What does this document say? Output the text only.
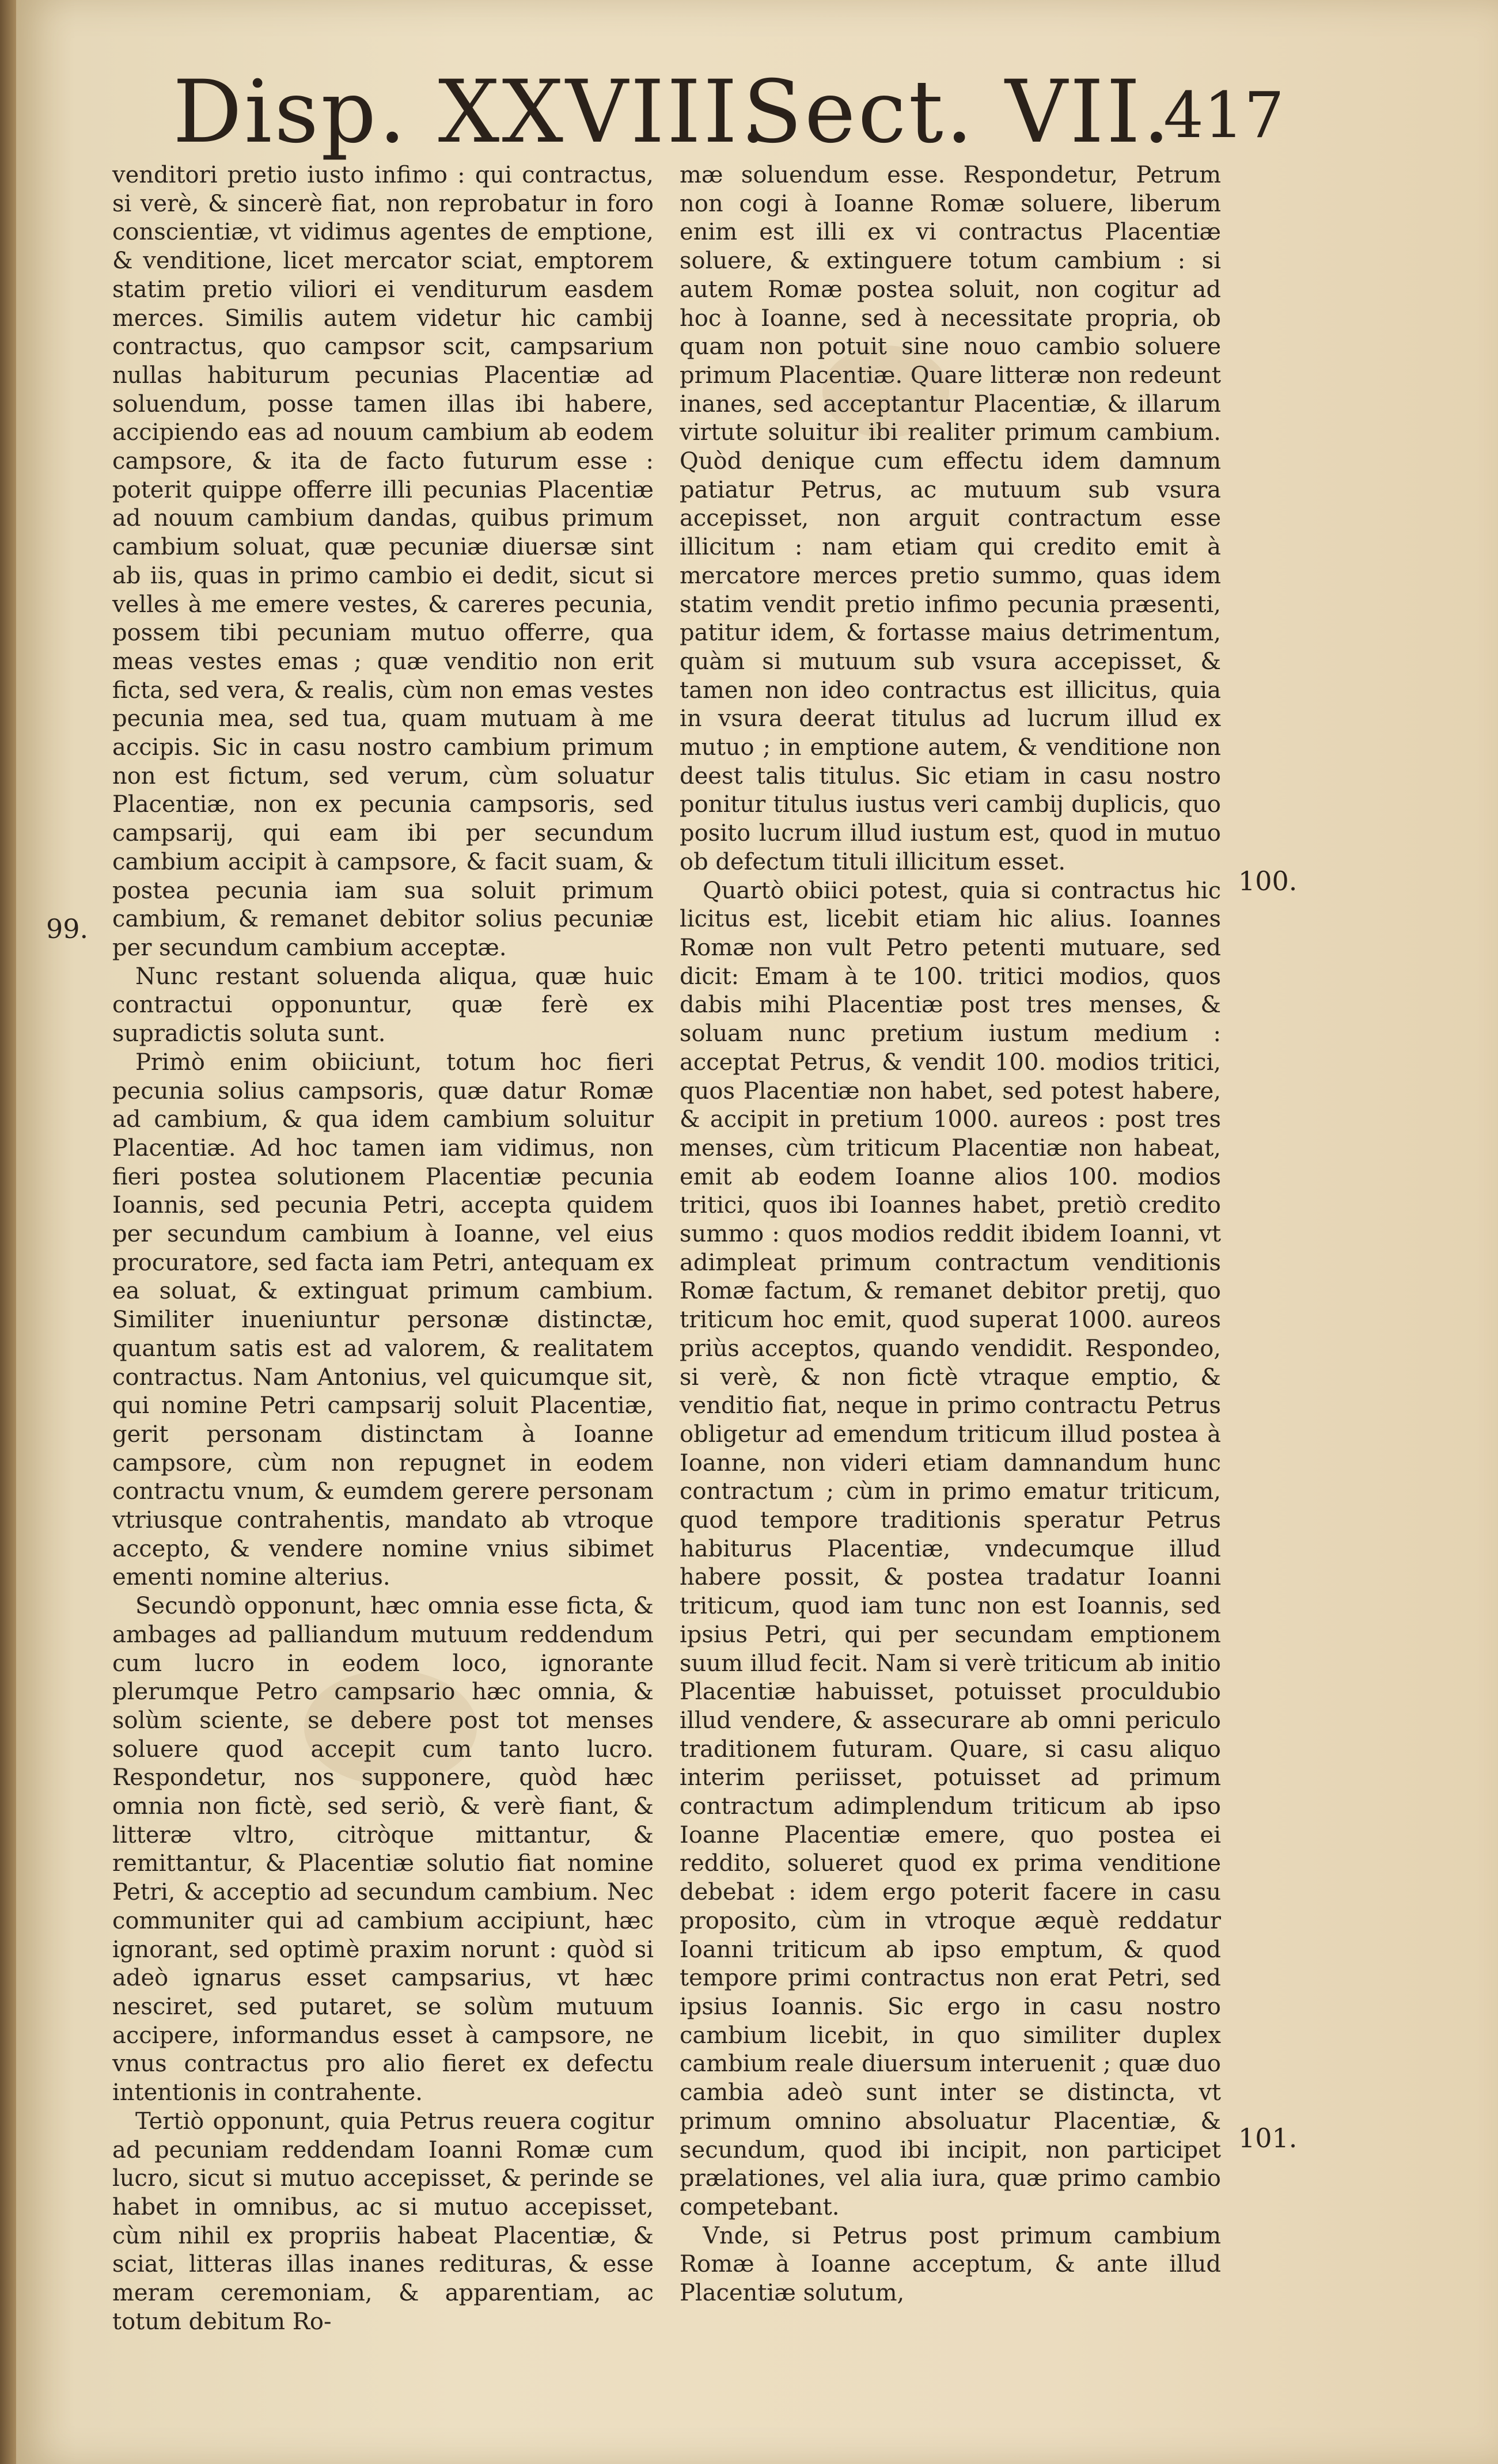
Disp. XXVIII.
Sect. VII.
417

venditori pretio iusto infimo : qui contractus, si verè, & sincerè fiat, non reprobatur in foro conscientiæ, vt vidimus agentes de emptione, & venditione, licet mercator sciat, emptorem statim pretio viliori ei venditurum easdem merces. Similis autem videtur hic cambij contractus, quo campsor scit, campsarium nullas habiturum pecunias Placentiæ ad soluendum, posse tamen illas ibi habere, accipiendo eas ad nouum cambium ab eodem campsore, & ita de facto futurum esse : poterit quippe offerre illi pecunias Placentiæ ad nouum cambium dandas, quibus primum cambium soluat, quæ pecuniæ diuersæ sint ab iis, quas in primo cambio ei dedit, sicut si velles à me emere vestes, & careres pecunia, possem tibi pecuniam mutuo offerre, qua meas vestes emas ; quæ venditio non erit ficta, sed vera, & realis, cùm non emas vestes pecunia mea, sed tua, quam mutuam à me accipis. Sic in casu nostro cambium primum non est fictum, sed verum, cùm soluatur Placentiæ, non ex pecunia campsoris, sed campsarij, qui eam ibi per secundum cambium accipit à campsore, & facit suam, & postea pecunia iam sua soluit primum cambium, & remanet debitor solius pecuniæ per secundum cambium acceptæ.

Nunc restant soluenda aliqua, quæ huic contractui opponuntur, quæ ferè ex supradictis soluta sunt.

Primò enim obiiciunt, totum hoc fieri pecunia solius campsoris, quæ datur Romæ ad cambium, & qua idem cambium soluitur Placentiæ. Ad hoc tamen iam vidimus, non fieri postea solutionem Placentiæ pecunia Ioannis, sed pecunia Petri, accepta quidem per secundum cambium à Ioanne, vel eius procuratore, sed facta iam Petri, antequam ex ea soluat, & extinguat primum cambium. Similiter inueniuntur personæ distinctæ, quantum satis est ad valorem, & realitatem contractus. Nam Antonius, vel quicumque sit, qui nomine Petri campsarij soluit Placentiæ, gerit personam distinctam à Ioanne campsore, cùm non repugnet in eodem contractu vnum, & eumdem gerere personam vtriusque contrahentis, mandato ab vtroque accepto, & vendere nomine vnius sibimet ementi nomine alterius.

Secundò opponunt, hæc omnia esse ficta, & ambages ad palliandum mutuum reddendum cum lucro in eodem loco, ignorante plerumque Petro campsario hæc omnia, & solùm sciente, se debere post tot menses soluere quod accepit cum tanto lucro. Respondetur, nos supponere, quòd hæc omnia non fictè, sed seriò, & verè fiant, & litteræ vltro, citròque mittantur, & remittantur, & Placentiæ solutio fiat nomine Petri, & acceptio ad secundum cambium. Nec communiter qui ad cambium accipiunt, hæc ignorant, sed optimè praxim norunt : quòd si adeò ignarus esset campsarius, vt hæc nesciret, sed putaret, se solùm mutuum accipere, informandus esset à campsore, ne vnus contractus pro alio fieret ex defectu intentionis in contrahente.

Tertiò opponunt, quia Petrus reuera cogitur ad pecuniam reddendam Ioanni Romæ cum lucro, sicut si mutuo accepisset, & perinde se habet in omnibus, ac si mutuo accepisset, cùm nihil ex propriis habeat Placentiæ, & sciat, litteras illas inanes redituras, & esse meram ceremoniam, & apparentiam, ac totum debitum Ro-

mæ soluendum esse. Respondetur, Petrum non cogi à Ioanne Romæ soluere, liberum enim est illi ex vi contractus Placentiæ soluere, & extinguere totum cambium : si autem Romæ postea soluit, non cogitur ad hoc à Ioanne, sed à necessitate propria, ob quam non potuit sine nouo cambio soluere primum Placentiæ. Quare litteræ non redeunt inanes, sed acceptantur Placentiæ, & illarum virtute soluitur ibi realiter primum cambium. Quòd denique cum effectu idem damnum patiatur Petrus, ac mutuum sub vsura accepisset, non arguit contractum esse illicitum : nam etiam qui credito emit à mercatore merces pretio summo, quas idem statim vendit pretio infimo pecunia præsenti, patitur idem, & fortasse maius detrimentum, quàm si mutuum sub vsura accepisset, & tamen non ideo contractus est illicitus, quia in vsura deerat titulus ad lucrum illud ex mutuo ; in emptione autem, & venditione non deest talis titulus. Sic etiam in casu nostro ponitur titulus iustus veri cambij duplicis, quo posito lucrum illud iustum est, quod in mutuo ob defectum tituli illicitum esset.

Quartò obiici potest, quia si contractus hic licitus est, licebit etiam hic alius. Ioannes Romæ non vult Petro petenti mutuare, sed dicit: Emam à te 100. tritici modios, quos dabis mihi Placentiæ post tres menses, & soluam nunc pretium iustum medium : acceptat Petrus, & vendit 100. modios tritici, quos Placentiæ non habet, sed potest habere, & accipit in pretium 1000. aureos : post tres menses, cùm triticum Placentiæ non habeat, emit ab eodem Ioanne alios 100. modios tritici, quos ibi Ioannes habet, pretiò credito summo : quos modios reddit ibidem Ioanni, vt adimpleat primum contractum venditionis Romæ factum, & remanet debitor pretij, quo triticum hoc emit, quod superat 1000. aureos priùs acceptos, quando vendidit. Respondeo, si verè, & non fictè vtraque emptio, & venditio fiat, neque in primo contractu Petrus obligetur ad emendum triticum illud postea à Ioanne, non videri etiam damnandum hunc contractum ; cùm in primo ematur triticum, quod tempore traditionis speratur Petrus habiturus Placentiæ, vndecumque illud habere possit, & postea tradatur Ioanni triticum, quod iam tunc non est Ioannis, sed ipsius Petri, qui per secundam emptionem suum illud fecit. Nam si verè triticum ab initio Placentiæ habuisset, potuisset proculdubio illud vendere, & assecurare ab omni periculo traditionem futuram. Quare, si casu aliquo interim periisset, potuisset ad primum contractum adimplendum triticum ab ipso Ioanne Placentiæ emere, quo postea ei reddito, solueret quod ex prima venditione debebat : idem ergo poterit facere in casu proposito, cùm in vtroque æquè reddatur Ioanni triticum ab ipso emptum, & quod tempore primi contractus non erat Petri, sed ipsius Ioannis. Sic ergo in casu nostro cambium licebit, in quo similiter duplex cambium reale diuersum interuenit ; quæ duo cambia adeò sunt inter se distincta, vt primum omnino absoluatur Placentiæ, & secundum, quod ibi incipit, non participet prælationes, vel alia iura, quæ primo cambio competebant.

Vnde, si Petrus post primum cambium Romæ à Ioanne acceptum, & ante illud Placentiæ solutum,

99.
100.
101.
